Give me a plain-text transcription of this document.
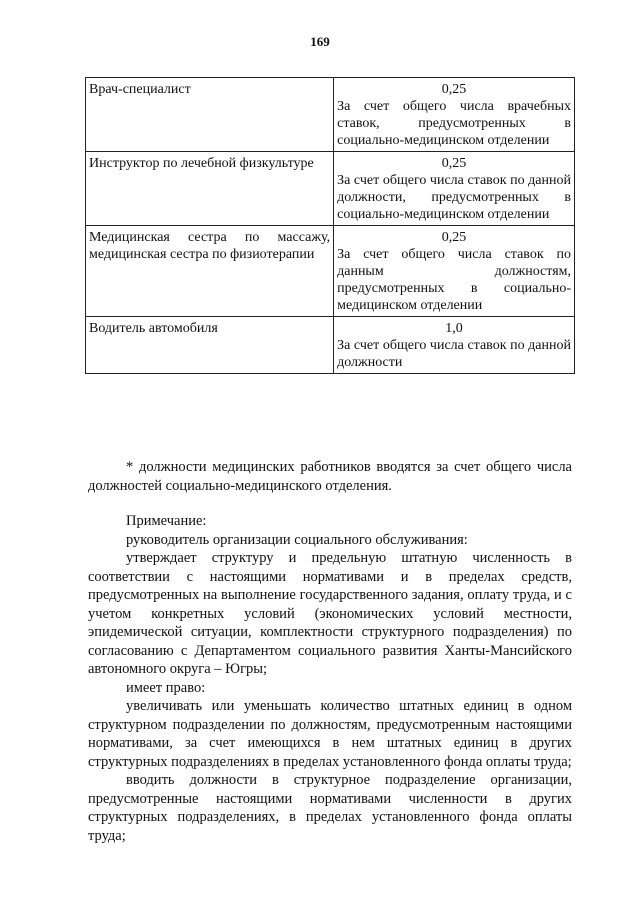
169
Врач-специалист	0,25
За счет общего числа врачебных ставок, предусмотренных в социально-медицинском отделении

Инструктор по лечебной физкультуре	0,25
За счет общего числа ставок по данной должности, предусмотренных в социально-медицинском отделении

Медицинская сестра по массажу, медицинская сестра по физиотерапии	0,25
За счет общего числа ставок по данным должностям, предусмотренных в социально-медицинском отделении

Водитель автомобиля	1,0
За счет общего числа ставок по данной должности

* должности медицинских работников вводятся за счет общего числа должностей социально-медицинского отделения.

Примечание:

руководитель организации социального обслуживания:

утверждает структуру и предельную штатную численность в соответствии с настоящими нормативами и в пределах средств, предусмотренных на выполнение государственного задания, оплату труда, и с учетом конкретных условий (экономических условий местности, эпидемической ситуации, комплектности структурного подразделения) по согласованию с Департаментом социального развития Ханты-Мансийского автономного округа – Югры;

имеет право:

увеличивать или уменьшать количество штатных единиц в одном структурном подразделении по должностям, предусмотренным настоящими нормативами, за счет имеющихся в нем штатных единиц в других структурных подразделениях в пределах установленного фонда оплаты труда;

вводить должности в структурное подразделение организации, предусмотренные настоящими нормативами численности в других структурных подразделениях, в пределах установленного фонда оплаты труда;
